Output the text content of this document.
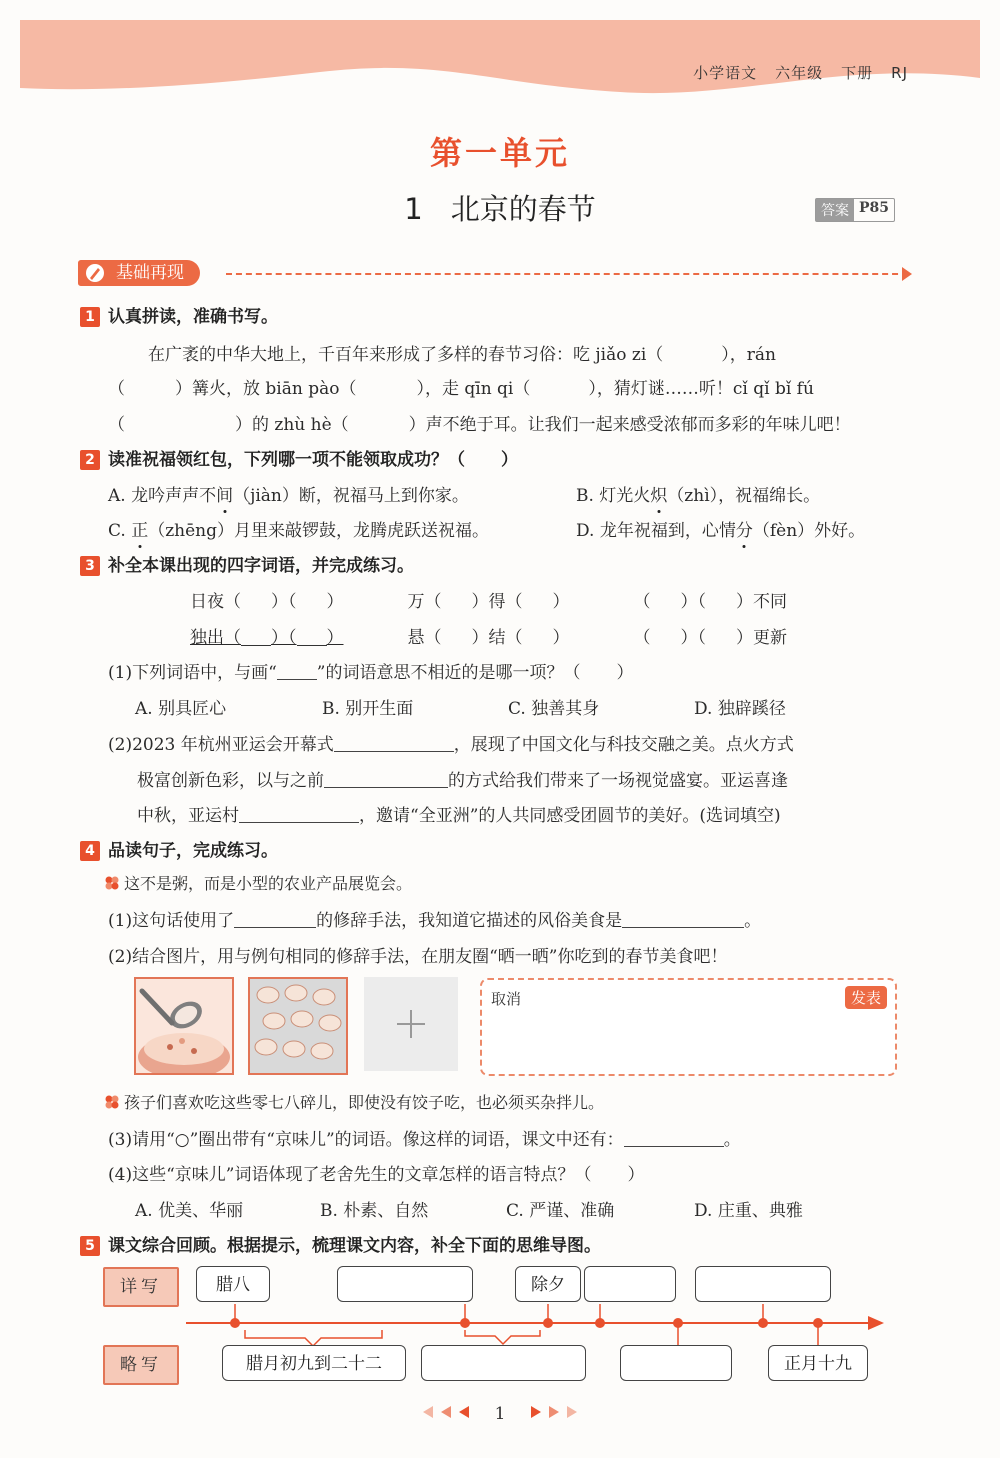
小学语文 六年级 下册 RJ
第一单元
1 北京的春节	答案 P85
基础再现
1 认真拼读，准确书写。
在广袤的中华大地上，千百年来形成了多样的春节习俗：吃 jiǎo zi（	），rán
（	）篝火，放 biān pào（	），走 qīn qi（	），猜灯谜……听！cǐ qǐ bǐ fú
（	）的 zhù hè（	）声不绝于耳。让我们一起来感受浓郁而多彩的年味儿吧！
2 读准祝福领红包，下列哪一项不能领取成功？（ ）
A. 龙吟声声不间（jiàn）断，祝福马上到你家。	B. 灯光火炽（zhì），祝福绵长。
C. 正（zhēng）月里来敲锣鼓，龙腾虎跃送祝福。	D. 龙年祝福到，心情分（fèn）外好。
3 补全本课出现的四字词语，并完成练习。
日夜（ ）（ ）	万（ ）得（ ）	（ ）（ ）不同
独出（ ）（ ）	悬（ ）结（ ）	（ ）（ ）更新
(1)下列词语中，与画“ ”的词语意思不相近的是哪一项？（ ）
A. 别具匠心	B. 别开生面	C. 独善其身	D. 独辟蹊径
(2)2023 年杭州亚运会开幕式	，展现了中国文化与科技交融之美。点火方式
极富创新色彩，以与之前	的方式给我们带来了一场视觉盛宴。亚运喜逢
中秋，亚运村	，邀请“全亚洲”的人共同感受团圆节的美好。(选词填空)
4 品读句子，完成练习。
这不是粥，而是小型的农业产品展览会。
(1)这句话使用了	的修辞手法，我知道它描述的风俗美食是	。
(2)结合图片，用与例句相同的修辞手法，在朋友圈“晒一晒”你吃到的春节美食吧！
取消	发表
孩子们喜欢吃这些零七八碎儿，即使没有饺子吃，也必须买杂拌儿。
(3)请用“○”圈出带有“京味儿”的词语。像这样的词语，课文中还有：	。
(4)这些“京味儿”词语体现了老舍先生的文章怎样的语言特点？（ ）
A. 优美、华丽	B. 朴素、自然	C. 严谨、准确	D. 庄重、典雅
5 课文综合回顾。根据提示，梳理课文内容，补全下面的思维导图。
详写
略写
腊八	除夕
腊月初九到二十二	正月十九
1
